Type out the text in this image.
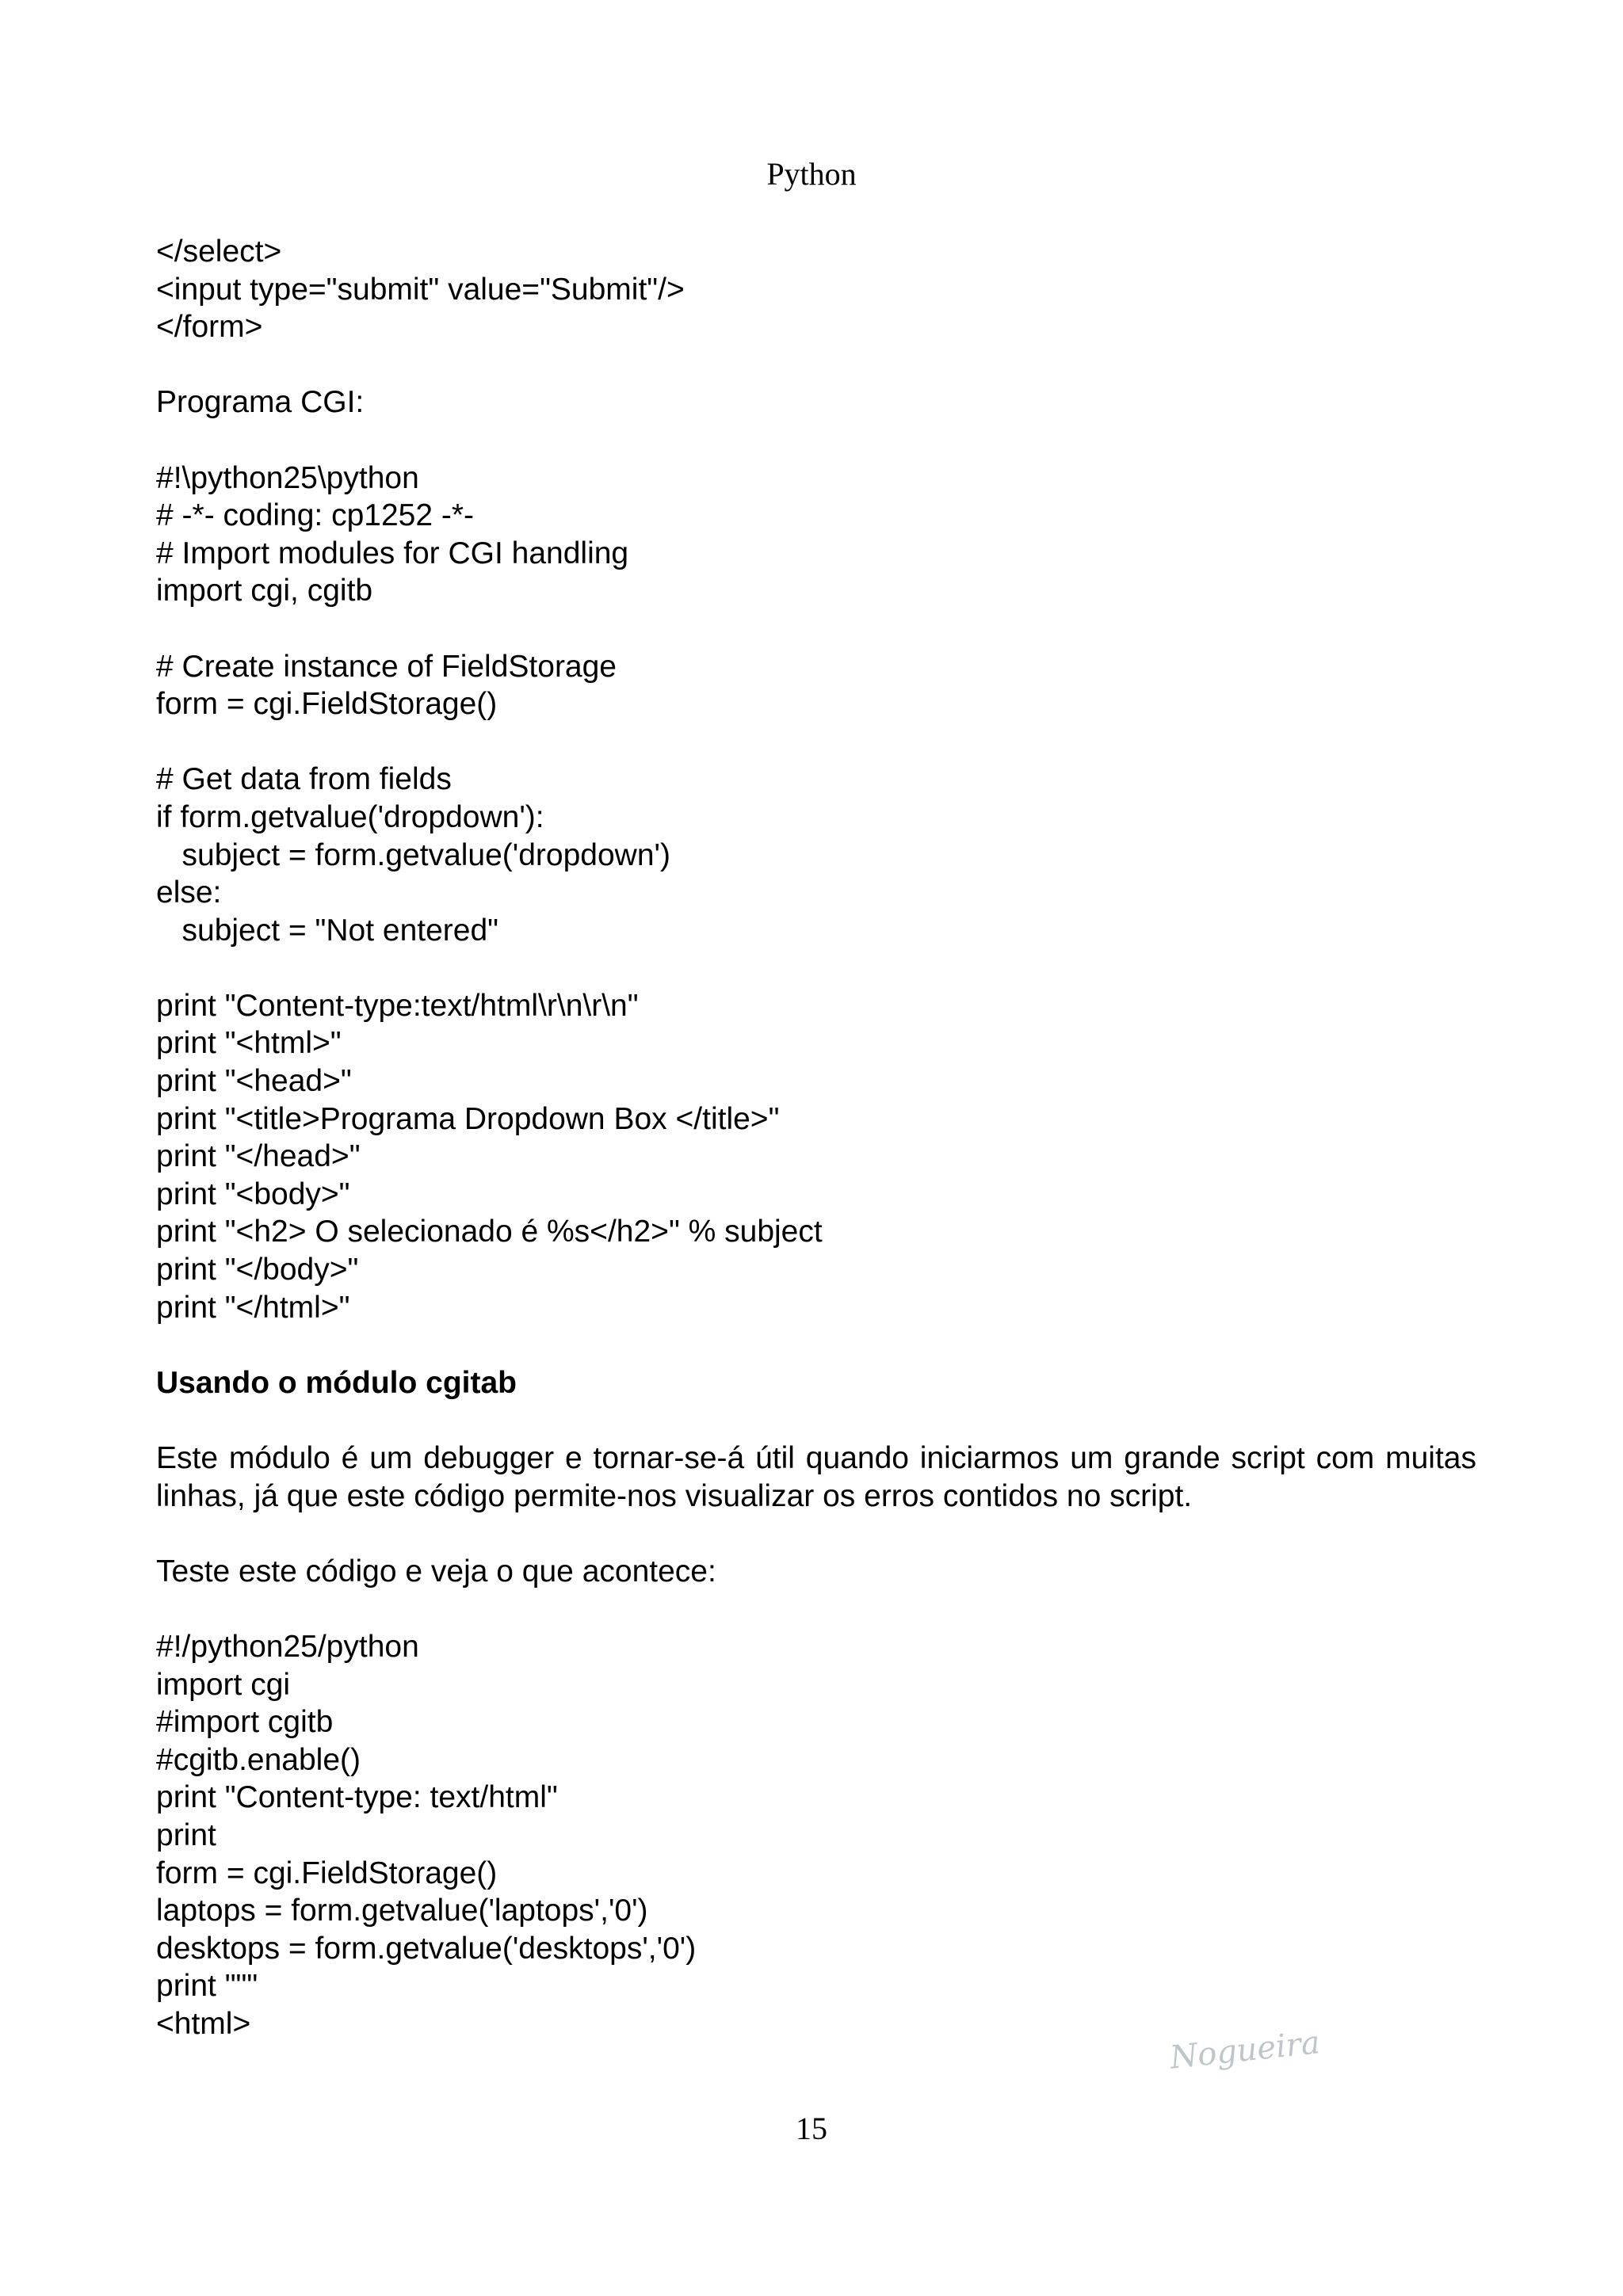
Python
</select>
<input type="submit" value="Submit"/>
</form>
Programa CGI:
#!\python25\python
# -*- coding: cp1252 -*-
# Import modules for CGI handling
import cgi, cgitb
# Create instance of FieldStorage
form = cgi.FieldStorage()
# Get data from fields
if form.getvalue('dropdown'):
subject = form.getvalue('dropdown')
else:
subject = "Not entered"
print "Content-type:text/html\r\n\r\n"
print "<html>"
print "<head>"
print "<title>Programa Dropdown Box </title>"
print "</head>"
print "<body>"
print "<h2> O selecionado é %s</h2>" % subject
print "</body>"
print "</html>"
Usando o módulo cgitab
Este módulo é um debugger e tornar-se-á útil quando iniciarmos um grande script com muitas linhas, já que este código permite-nos visualizar os erros contidos no script.
Teste este código e veja o que acontece:
#!/python25/python
import cgi
#import cgitb
#cgitb.enable()
print "Content-type: text/html"
print
form = cgi.FieldStorage()
laptops = form.getvalue('laptops','0')
desktops = form.getvalue('desktops','0')
print """
<html>
Nogueira
15
